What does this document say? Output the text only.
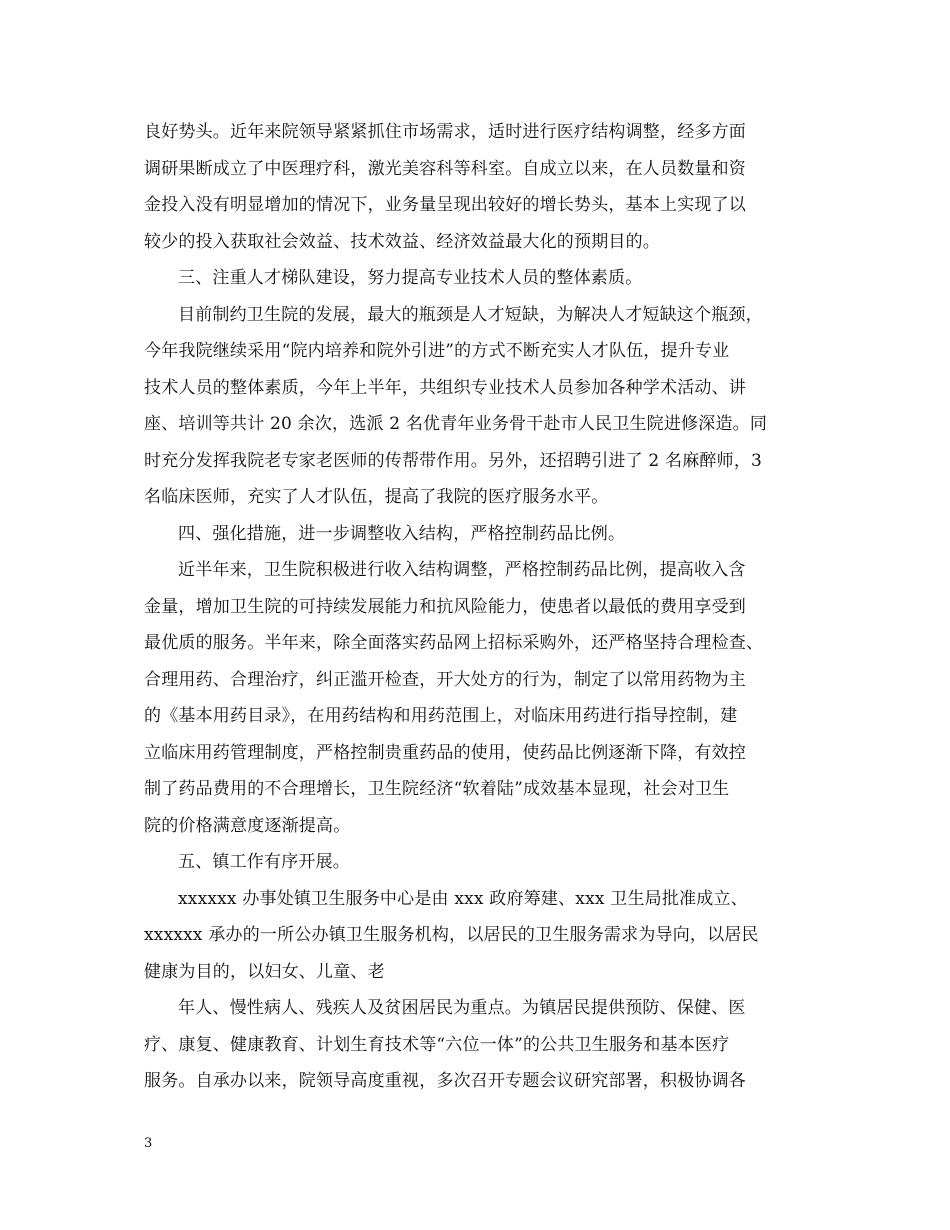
良好势头。近年来院领导紧紧抓住市场需求，适时进行医疗结构调整，经多方面
调研果断成立了中医理疗科，激光美容科等科室。自成立以来，在人员数量和资
金投入没有明显增加的情况下，业务量呈现出较好的增长势头，基本上实现了以
较少的投入获取社会效益、技术效益、经济效益最大化的预期目的。
三、注重人才梯队建设，努力提高专业技术人员的整体素质。
目前制约卫生院的发展，最大的瓶颈是人才短缺，为解决人才短缺这个瓶颈，
今年我院继续采用“院内培养和院外引进”的方式不断充实人才队伍，提升专业
技术人员的整体素质，今年上半年，共组织专业技术人员参加各种学术活动、讲
座、培训等共计 20 余次，选派 2 名优青年业务骨干赴市人民卫生院进修深造。同
时充分发挥我院老专家老医师的传帮带作用。另外，还招聘引进了 2 名麻醉师，3
名临床医师，充实了人才队伍，提高了我院的医疗服务水平。
四、强化措施，进一步调整收入结构，严格控制药品比例。
近半年来，卫生院积极进行收入结构调整，严格控制药品比例，提高收入含
金量，增加卫生院的可持续发展能力和抗风险能力，使患者以最低的费用享受到
最优质的服务。半年来，除全面落实药品网上招标采购外，还严格坚持合理检查、
合理用药、合理治疗，纠正滥开检查，开大处方的行为，制定了以常用药物为主
的《基本用药目录》，在用药结构和用药范围上，对临床用药进行指导控制，建
立临床用药管理制度，严格控制贵重药品的使用，使药品比例逐渐下降，有效控
制了药品费用的不合理增长，卫生院经济“软着陆”成效基本显现，社会对卫生
院的价格满意度逐渐提高。
五、镇工作有序开展。
xxxxxx 办事处镇卫生服务中心是由 xxx 政府筹建、xxx 卫生局批准成立、
xxxxxx 承办的一所公办镇卫生服务机构，以居民的卫生服务需求为导向，以居民
健康为目的，以妇女、儿童、老
年人、慢性病人、残疾人及贫困居民为重点。为镇居民提供预防、保健、医
疗、康复、健康教育、计划生育技术等“六位一体”的公共卫生服务和基本医疗
服务。自承办以来，院领导高度重视，多次召开专题会议研究部署，积极协调各
3
